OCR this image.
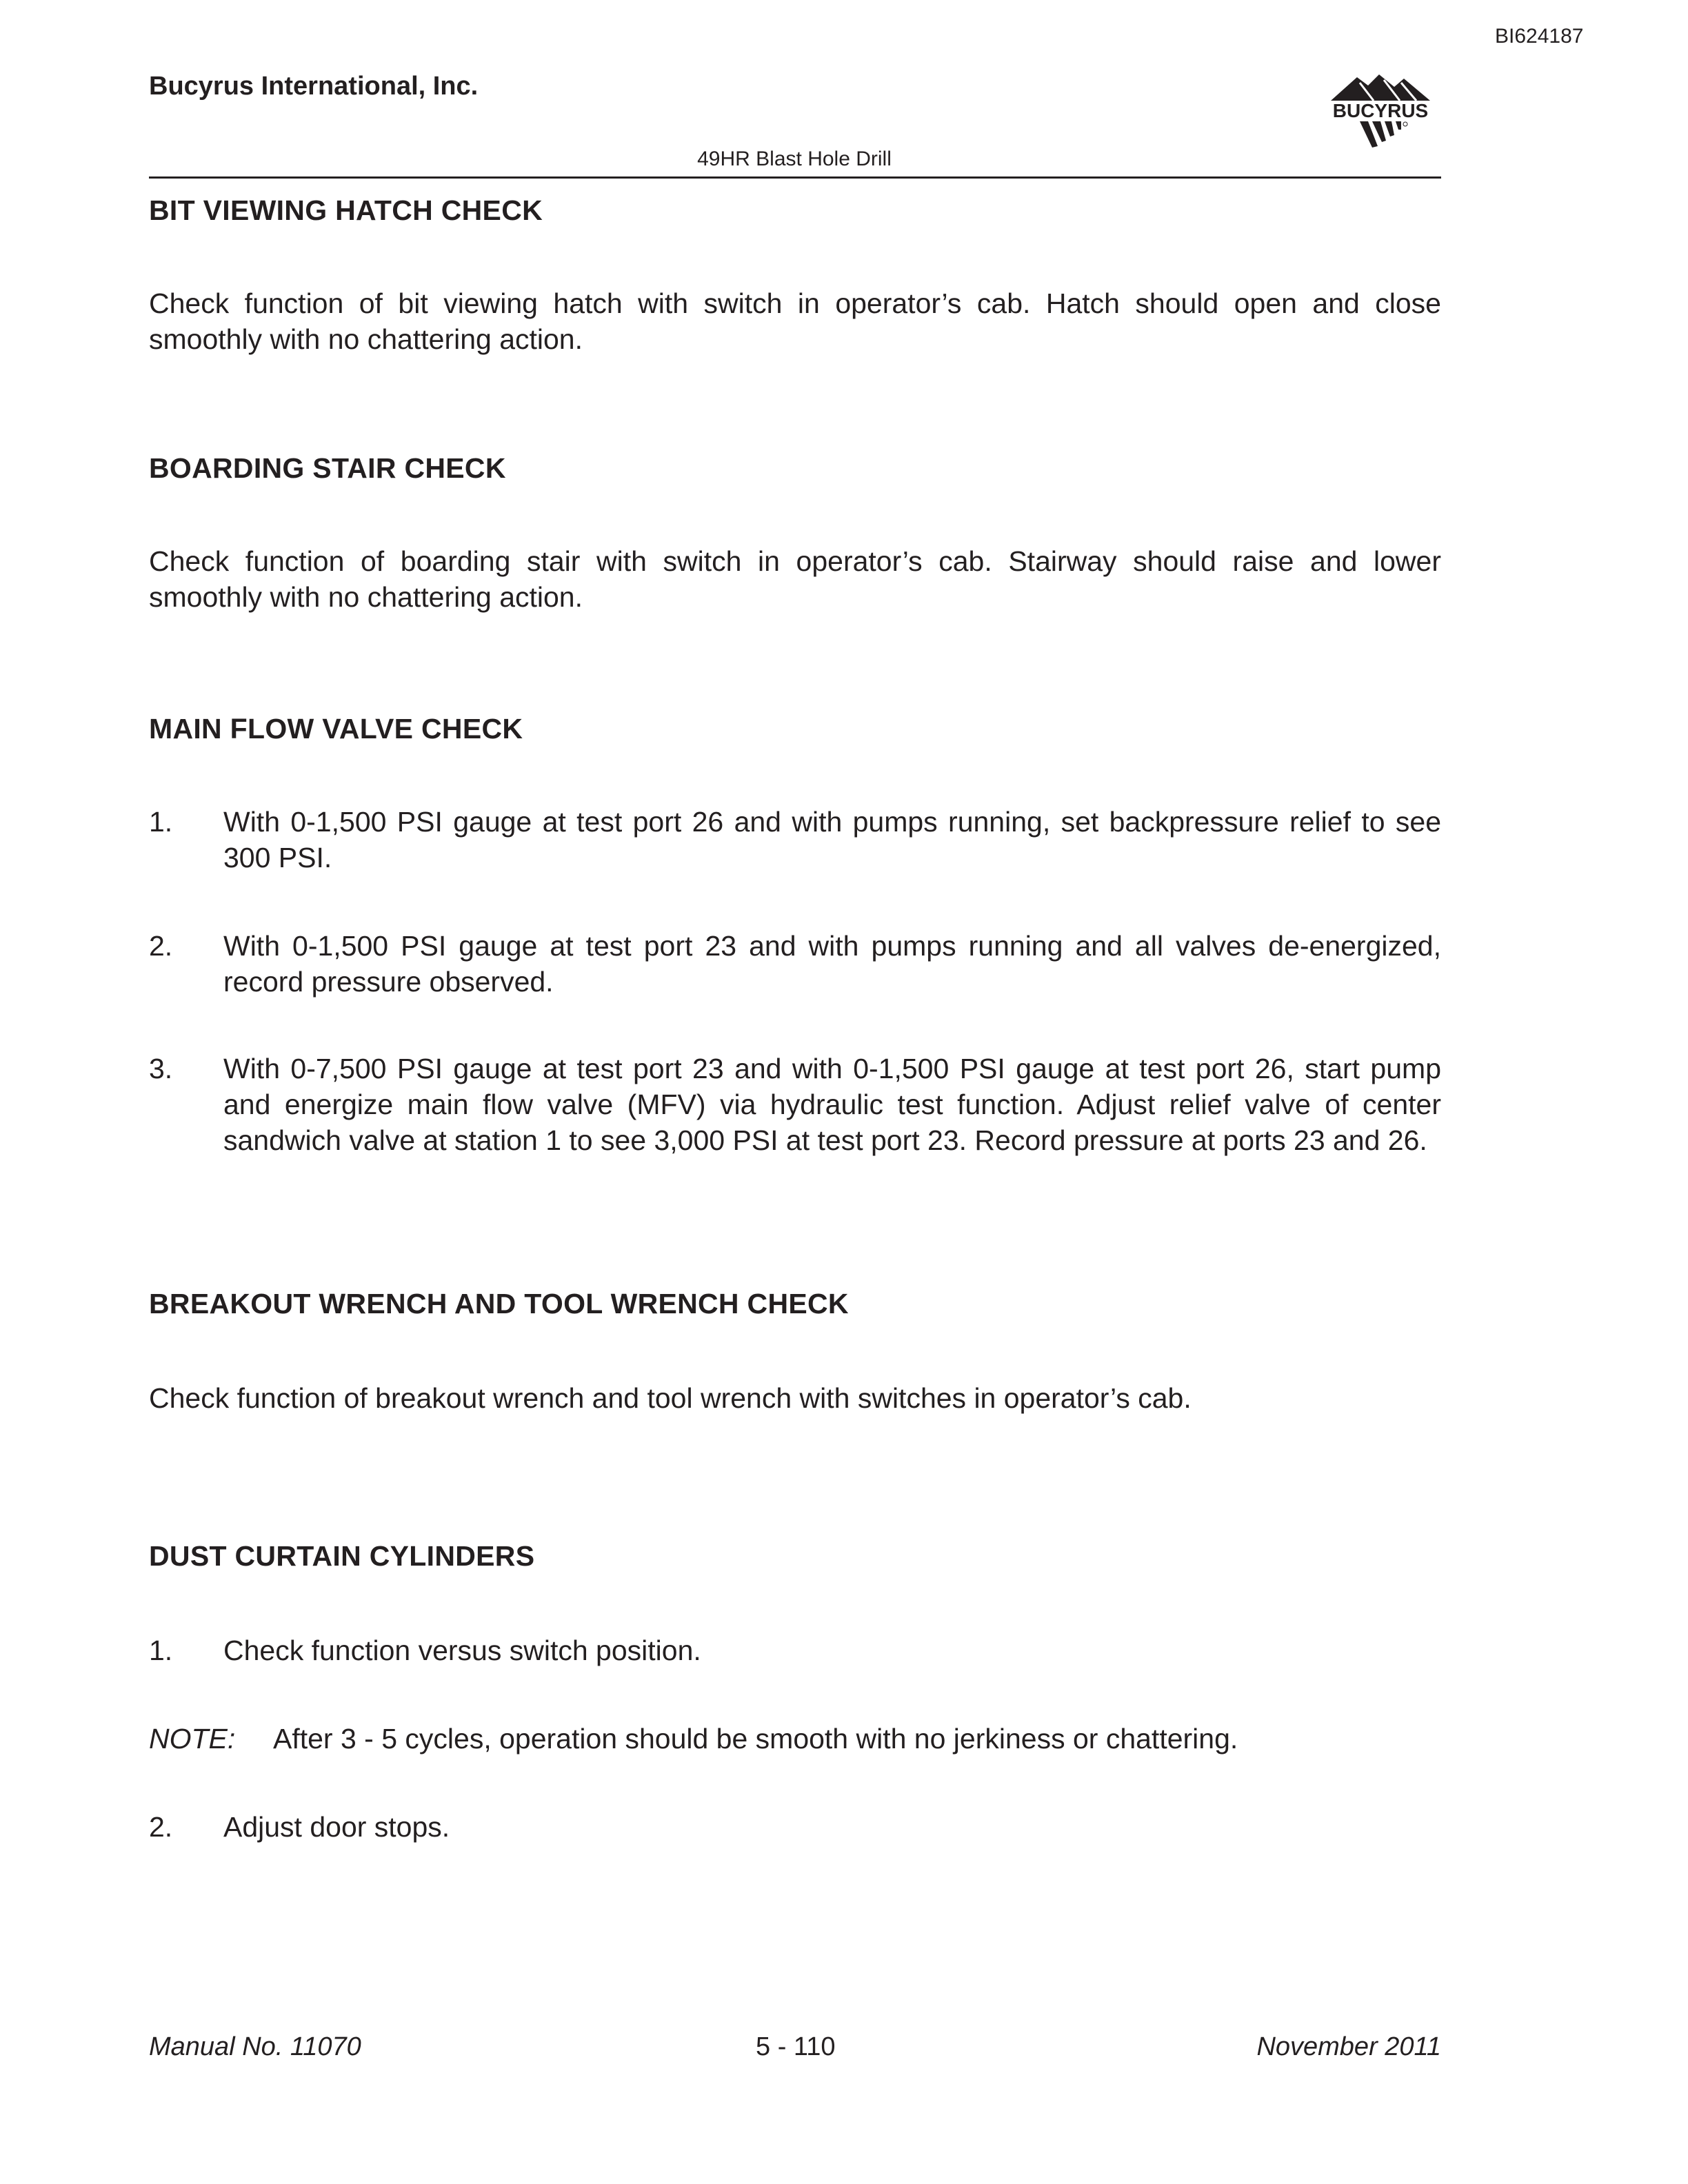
BI624187
Bucyrus International, Inc.
BUCYRUS
49HR Blast Hole Drill
BIT VIEWING HATCH CHECK
Check function of bit viewing hatch with switch in operator’s cab. Hatch should open and close smoothly with no chattering action.
BOARDING STAIR CHECK
Check function of boarding stair with switch in operator’s cab. Stairway should raise and lower smoothly with no chattering action.
MAIN FLOW VALVE CHECK
1. With 0-1,500 PSI gauge at test port 26 and with pumps running, set backpressure relief to see 300 PSI.
2. With 0-1,500 PSI gauge at test port 23 and with pumps running and all valves de-energized, record pressure observed.
3. With 0-7,500 PSI gauge at test port 23 and with 0-1,500 PSI gauge at test port 26, start pump and energize main flow valve (MFV) via hydraulic test function. Adjust relief valve of center sandwich valve at station 1 to see 3,000 PSI at test port 23. Record pressure at ports 23 and 26.
BREAKOUT WRENCH AND TOOL WRENCH CHECK
Check function of breakout wrench and tool wrench with switches in operator’s cab.
DUST CURTAIN CYLINDERS
1. Check function versus switch position.
NOTE: After 3 - 5 cycles, operation should be smooth with no jerkiness or chattering.
2. Adjust door stops.
Manual No. 11070	5 - 110	November 2011
